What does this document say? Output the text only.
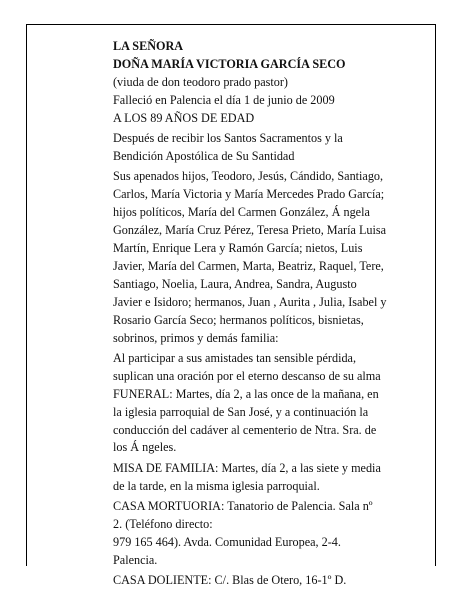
LA SEÑORA
DOÑA MARÍA VICTORIA GARCÍA SECO
(viuda de don teodoro prado pastor)
Falleció en Palencia el día 1 de junio de 2009
A LOS 89 AÑOS DE EDAD
Después de recibir los Santos Sacramentos y la
Bendición Apostólica de Su Santidad
Sus apenados hijos, Teodoro, Jesús, Cándido, Santiago,
Carlos, María Victoria y María Mercedes Prado García;
hijos políticos, María del Carmen González, Á ngela
González, María Cruz Pérez, Teresa Prieto, María Luisa
Martín, Enrique Lera y Ramón García; nietos, Luis
Javier, María del Carmen, Marta, Beatriz, Raquel, Tere,
Santiago, Noelia, Laura, Andrea, Sandra, Augusto
Javier e Isidoro; hermanos, Juan , Aurita , Julia, Isabel y
Rosario García Seco; hermanos políticos, bisnietas,
sobrinos, primos y demás familia:
Al participar a sus amistades tan sensible pérdida,
suplican una oración por el eterno descanso de su alma
FUNERAL: Martes, día 2, a las once de la mañana, en
la iglesia parroquial de San José, y a continuación la
conducción del cadáver al cementerio de Ntra. Sra. de
los Á ngeles.
MISA DE FAMILIA: Martes, día 2, a las siete y media
de la tarde, en la misma iglesia parroquial.
CASA MORTUORIA: Tanatorio de Palencia. Sala nº
2. (Teléfono directo:
979 165 464). Avda. Comunidad Europea, 2-4.
Palencia.
CASA DOLIENTE: C/. Blas de Otero, 16-1º D.
